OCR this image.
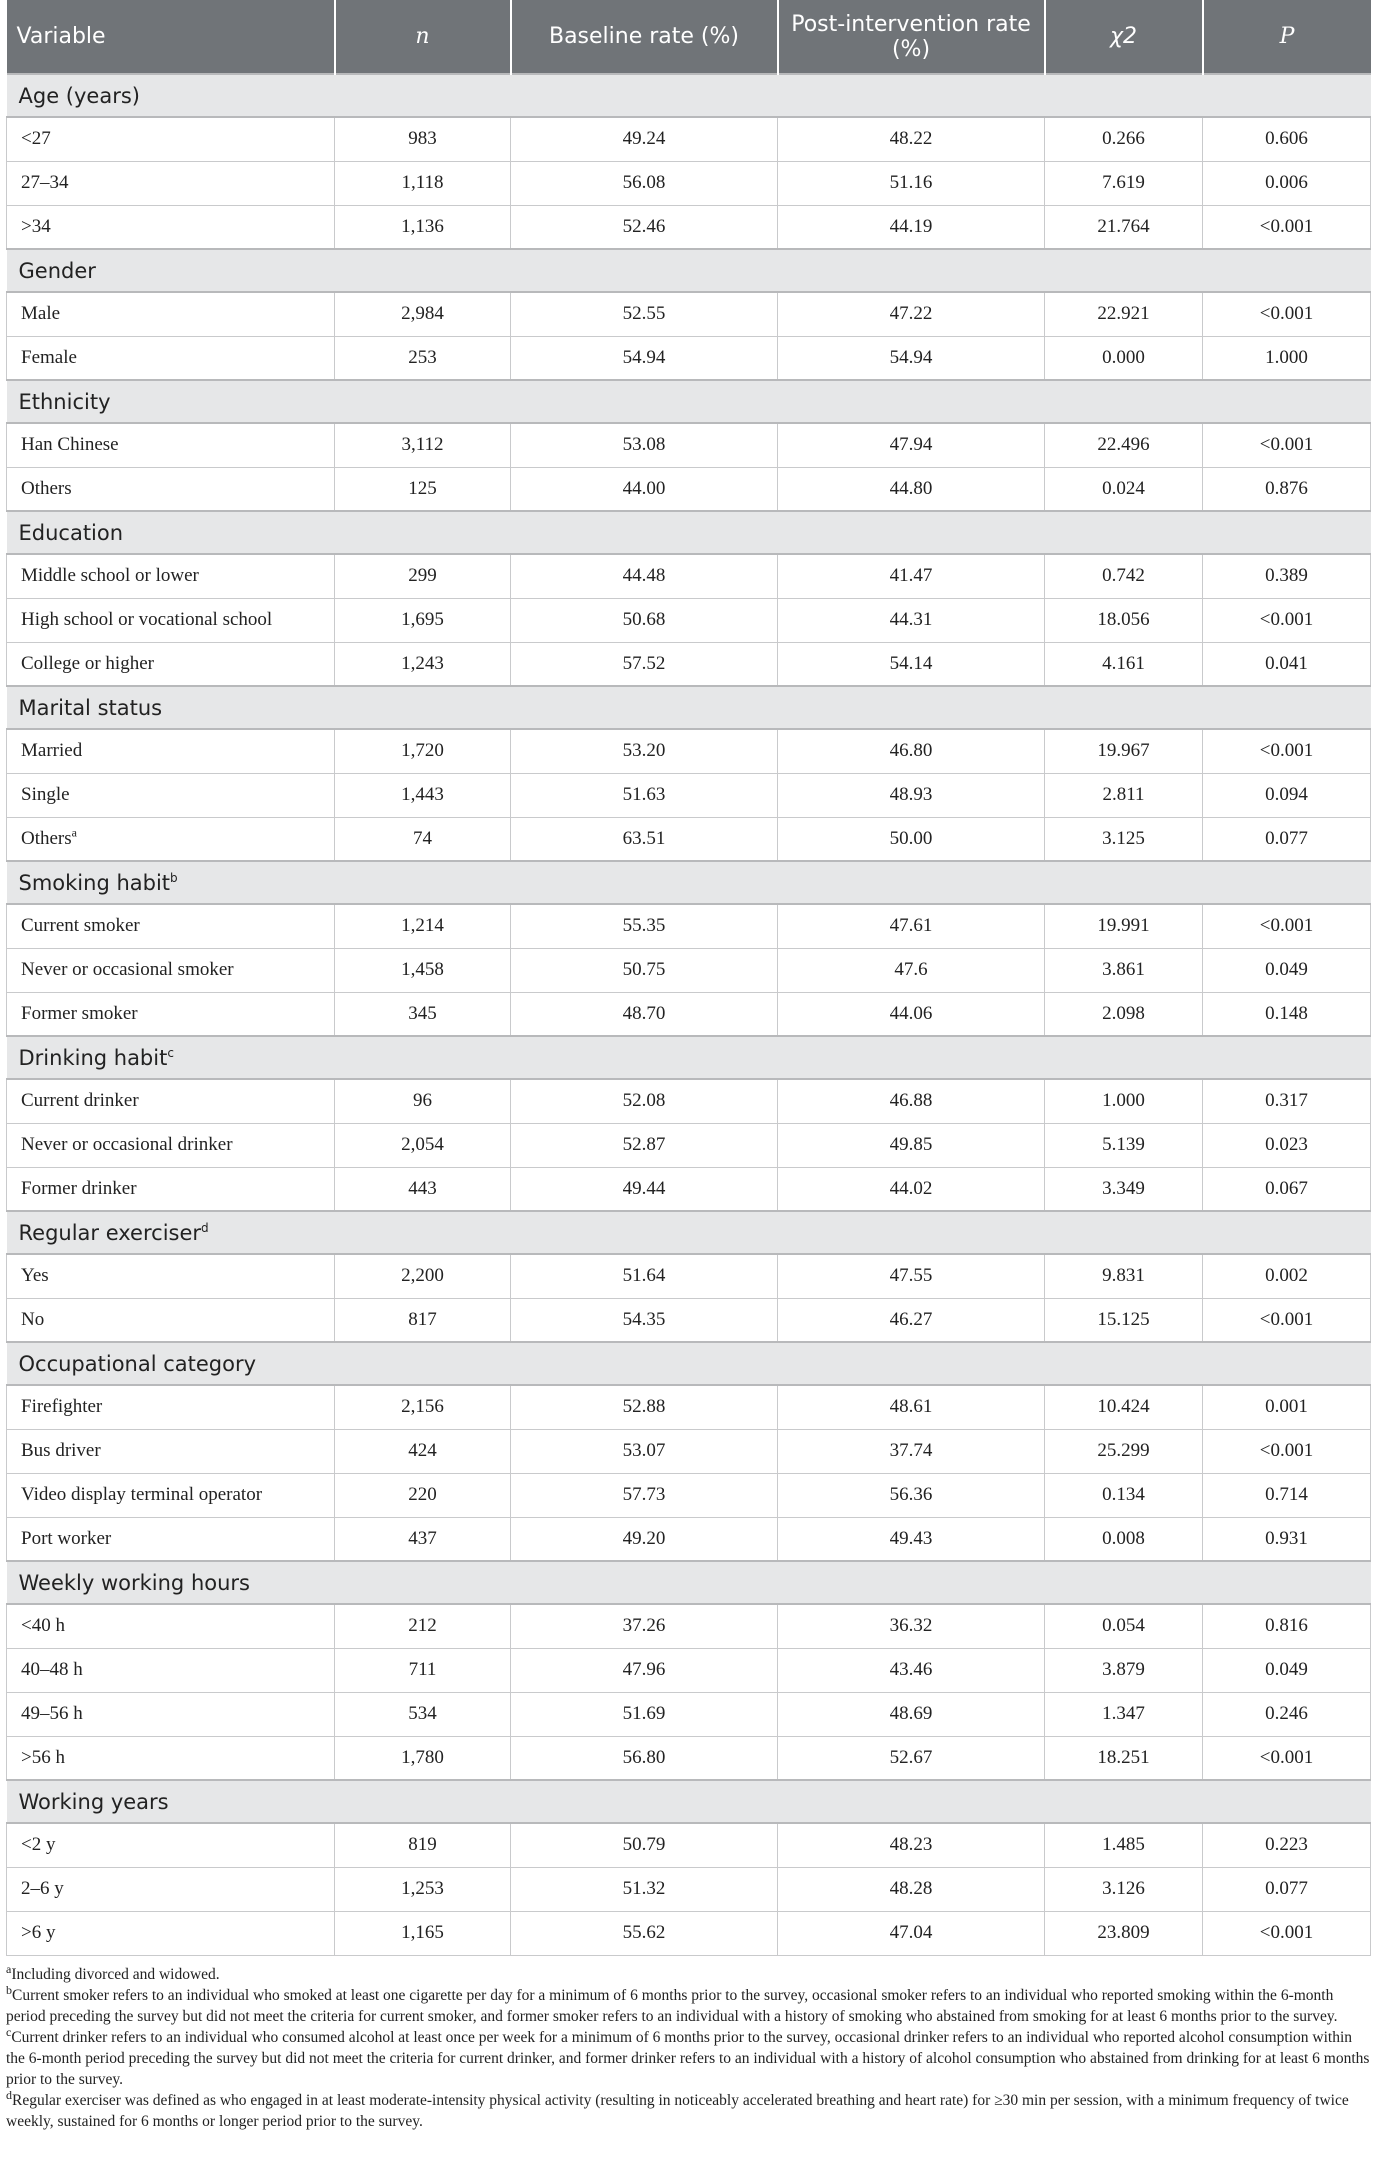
Variable	n	Baseline rate (%)	Post-intervention rate (%)	χ2	P
Age (years)					
<27	983	49.24	48.22	0.266	0.606
27–34	1,118	56.08	51.16	7.619	0.006
>34	1,136	52.46	44.19	21.764	<0.001
Gender					
Male	2,984	52.55	47.22	22.921	<0.001
Female	253	54.94	54.94	0.000	1.000
Ethnicity					
Han Chinese	3,112	53.08	47.94	22.496	<0.001
Others	125	44.00	44.80	0.024	0.876
Education					
Middle school or lower	299	44.48	41.47	0.742	0.389
High school or vocational school	1,695	50.68	44.31	18.056	<0.001
College or higher	1,243	57.52	54.14	4.161	0.041
Marital status					
Married	1,720	53.20	46.80	19.967	<0.001
Single	1,443	51.63	48.93	2.811	0.094
Others$^a$	74	63.51	50.00	3.125	0.077
Smoking habit$^b$
Current smoker	1,214	55.35	47.61	19.991	<0.001
Never or occasional smoker	1,458	50.75	47.6	3.861	0.049
Former smoker	345	48.70	44.06	2.098	0.148
Drinking habit$^c$
Current drinker	96	52.08	46.88	1.000	0.317
Never or occasional drinker	2,054	52.87	49.85	5.139	0.023
Former drinker	443	49.44	44.02	3.349	0.067
Regular exerciser$^d$
Yes	2,200	51.64	47.55	9.831	0.002
No	817	54.35	46.27	15.125	<0.001
Occupational category					
Firefighter	2,156	52.88	48.61	10.424	0.001
Bus driver	424	53.07	37.74	25.299	<0.001
Video display terminal operator	220	57.73	56.36	0.134	0.714
Port worker	437	49.20	49.43	0.008	0.931
Weekly working hours					
<40 h	212	37.26	36.32	0.054	0.816
40–48 h	711	47.96	43.46	3.879	0.049
49–56 h	534	51.69	48.69	1.347	0.246
>56 h	1,780	56.80	52.67	18.251	<0.001
Working years					
<2 y	819	50.79	48.23	1.485	0.223
2–6 y	1,253	51.32	48.28	3.126	0.077
>6 y	1,165	55.62	47.04	23.809	<0.001

$^a$Including divorced and widowed.

$^b$Current smoker refers to an individual who smoked at least one cigarette per day for a minimum of 6 months prior to the survey, occasional smoker refers to an individual who reported smoking within the 6-month period preceding the survey but did not meet the criteria for current smoker, and former smoker refers to an individual with a history of smoking who abstained from smoking for at least 6 months prior to the survey.

$^c$Current drinker refers to an individual who consumed alcohol at least once per week for a minimum of 6 months prior to the survey, occasional drinker refers to an individual who reported alcohol consumption within the 6-month period preceding the survey but did not meet the criteria for current drinker, and former drinker refers to an individual with a history of alcohol consumption who abstained from drinking for at least 6 months prior to the survey.

$^d$Regular exerciser was defined as who engaged in at least moderate-intensity physical activity (resulting in noticeably accelerated breathing and heart rate) for ≥30 min per session, with a minimum frequency of twice weekly, sustained for 6 months or longer period prior to the survey.
